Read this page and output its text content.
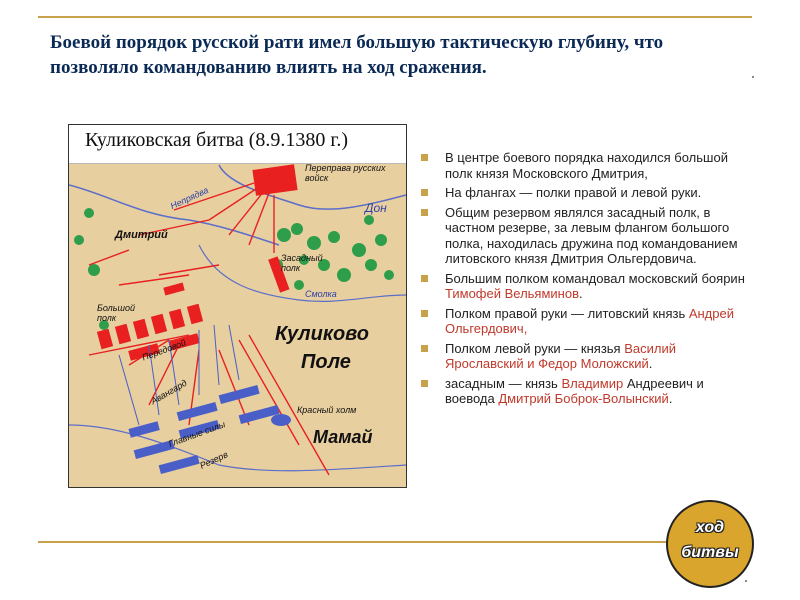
Боевой порядок русской рати имел большую тактическую глубину, что позволяло командованию влиять на ход сражения.
Куликовская битва (8.9.1380 г.)
Переправа русских войск
Дон
Непрядва
Дмитрий
Засадный полк
Смолка
Большой полк
Передовой
Куликово
Поле
Авангард
Красный холм
Главные силы
Резерв
Мамай
В центре боевого порядка находился большой полк князя Московского Дмитрия,
На флангах — полки правой и левой руки.
Общим резервом являлся засадный полк, в частном резерве, за левым флангом большого полка, находилась дружина под командованием литовского князя Дмитрия Ольгердовича.
Большим полком командовал московский боярин Тимофей Вельяминов.
Полком правой руки — литовский князь Андрей Ольгердович,
Полком левой руки — князья Василий Ярославский и Федор Моложский.
засадным — князь Владимир Андреевич и воевода Дмитрий Боброк-Волынский.
ход
битвы
